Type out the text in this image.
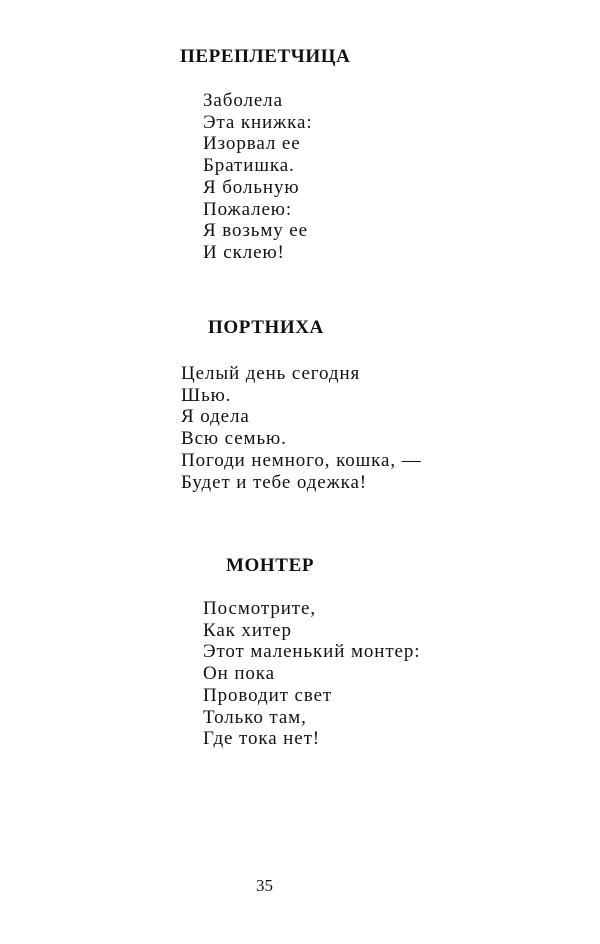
ПЕРЕПЛЕТЧИЦА
Заболела
Эта книжка:
Изорвал ее
Братишка.
Я больную
Пожалею:
Я возьму ее
И склею!
ПОРТНИХА
Целый день сегодня
Шью.
Я одела
Всю семью.
Погоди немного, кошка, —
Будет и тебе одежка!
МОНТЕР
Посмотрите,
Как хитер
Этот маленький монтер:
Он пока
Проводит свет
Только там,
Где тока нет!
35
